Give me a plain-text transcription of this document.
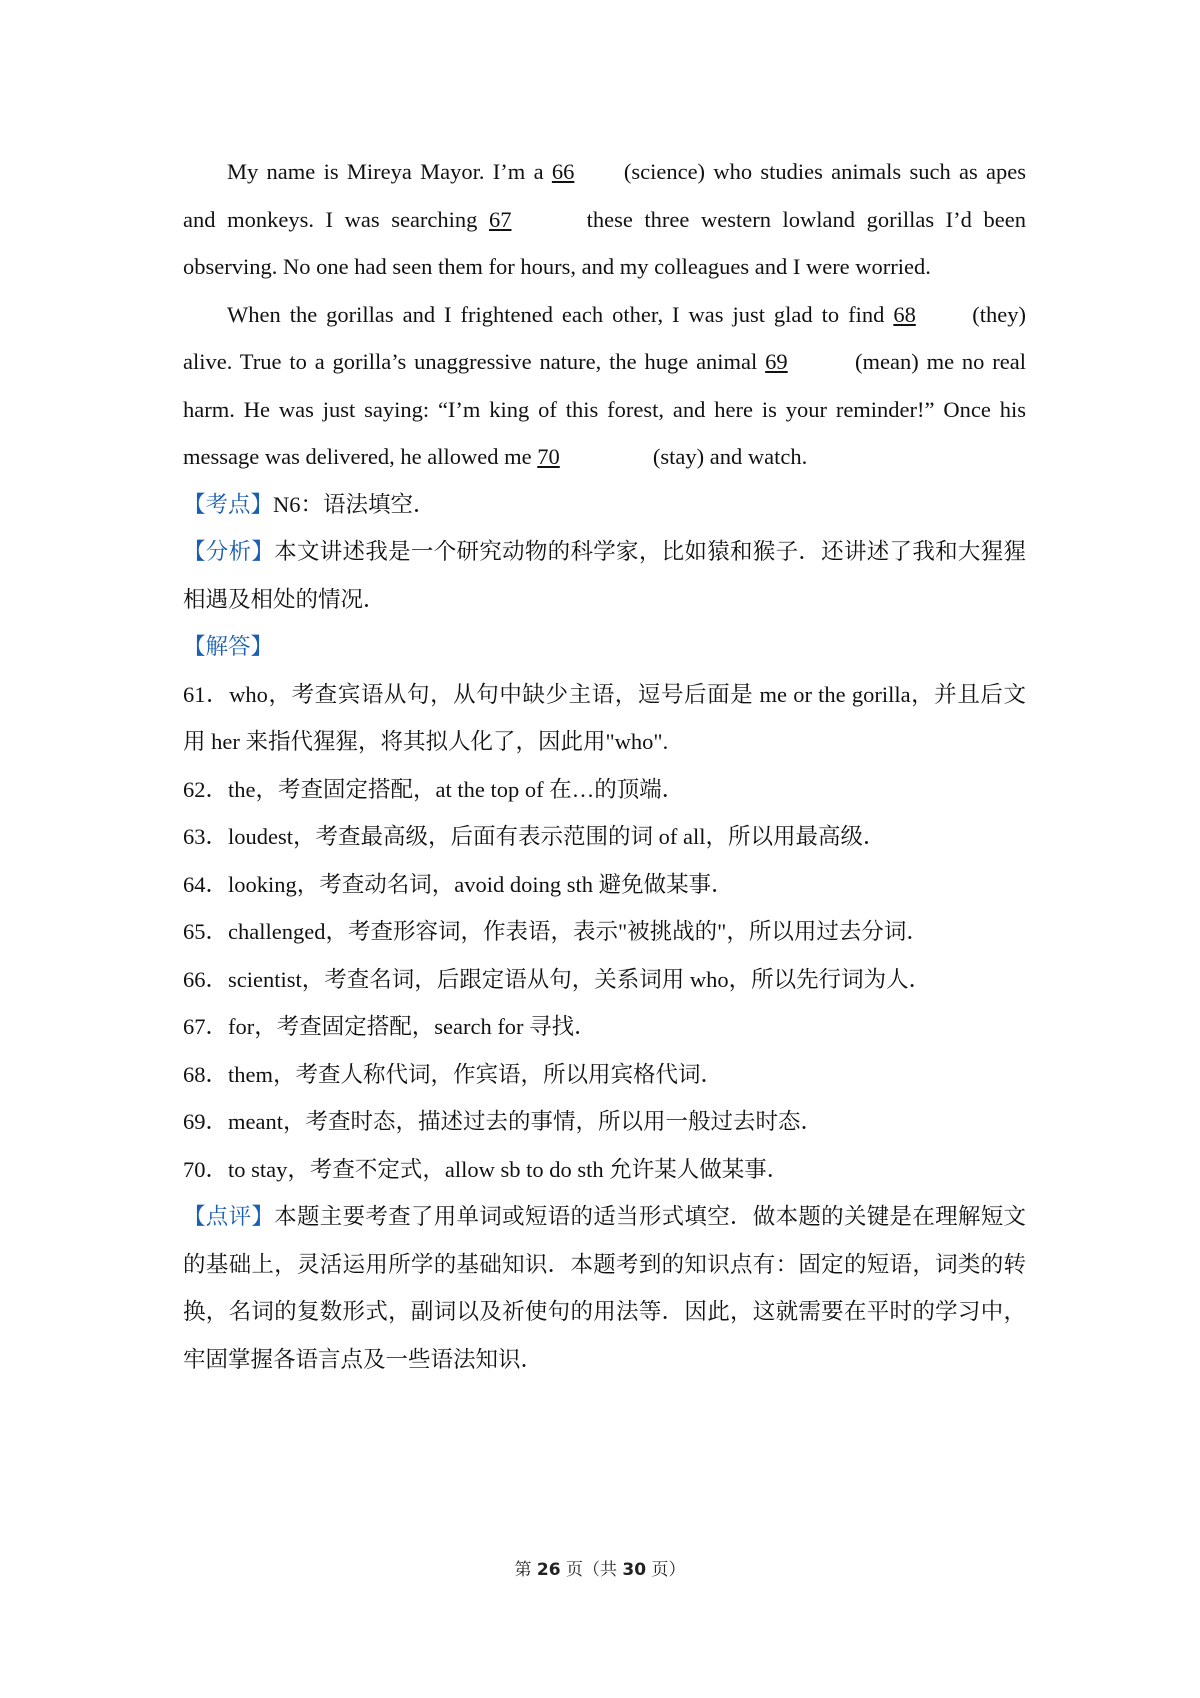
My name is Mireya Mayor. I’m a 66 (science) who studies animals such as apes and monkeys. I was searching 67	these three western lowland gorillas I’d been observing. No one had seen them for hours, and my colleagues and I were worried.

When the gorillas and I frightened each other, I was just glad to find 68 (they) alive. True to a gorilla’s unaggressive nature, the huge animal 69	(mean) me no real harm. He was just saying: “I’m king of this forest, and here is your reminder!” Once his message was delivered, he allowed me 70	(stay) and watch.

【考点】N6：语法填空．

【分析】本文讲述我是一个研究动物的科学家，比如猿和猴子．还讲述了我和大猩猩相遇及相处的情况．

【解答】

61．who，考查宾语从句，从句中缺少主语，逗号后面是 me or the gorilla，并且后文用 her 来指代猩猩，将其拟人化了，因此用"who".

62．the，考查固定搭配，at the top of 在…的顶端．
63．loudest，考查最高级，后面有表示范围的词 of all，所以用最高级．
64．looking，考查动名词，avoid doing sth 避免做某事．
65．challenged，考查形容词，作表语，表示"被挑战的"，所以用过去分词．
66．scientist，考查名词，后跟定语从句，关系词用 who，所以先行词为人．
67．for，考查固定搭配，search for 寻找．
68．them，考查人称代词，作宾语，所以用宾格代词．
69．meant，考查时态，描述过去的事情，所以用一般过去时态．
70．to stay，考查不定式，allow sb to do sth 允许某人做某事．

【点评】本题主要考查了用单词或短语的适当形式填空．做本题的关键是在理解短文的基础上，灵活运用所学的基础知识．本题考到的知识点有：固定的短语，词类的转换，名词的复数形式，副词以及祈使句的用法等．因此，这就需要在平时的学习中，牢固掌握各语言点及一些语法知识．

第 26 页（共 30 页）
